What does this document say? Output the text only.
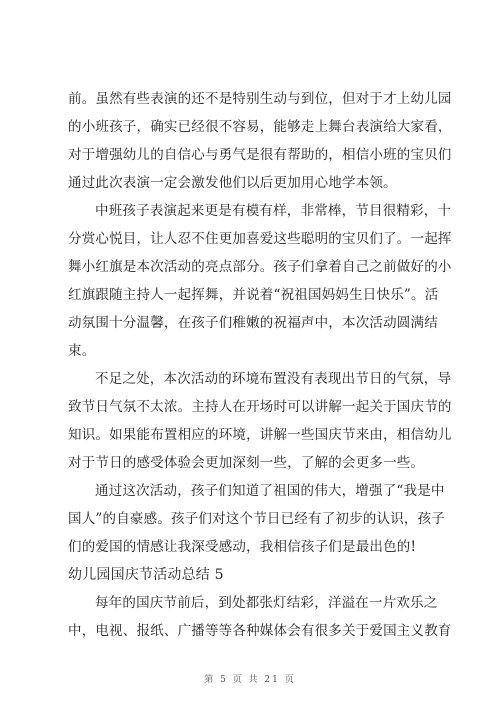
前。虽然有些表演的还不是特别生动与到位，但对于才上幼儿园
的小班孩子，确实已经很不容易，能够走上舞台表演给大家看，
对于增强幼儿的自信心与勇气是很有帮助的，相信小班的宝贝们
通过此次表演一定会激发他们以后更加用心地学本领。
中班孩子表演起来更是有模有样，非常棒，节目很精彩，十
分赏心悦目，让人忍不住更加喜爱这些聪明的宝贝们了。一起挥
舞小红旗是本次活动的亮点部分。孩子们拿着自己之前做好的小
红旗跟随主持人一起挥舞，并说着“祝祖国妈妈生日快乐”。活
动氛围十分温馨，在孩子们稚嫩的祝福声中，本次活动圆满结
束。
不足之处，本次活动的环境布置没有表现出节日的气氛，导
致节日气氛不太浓。主持人在开场时可以讲解一起关于国庆节的
知识。如果能布置相应的环境，讲解一些国庆节来由，相信幼儿
对于节日的感受体验会更加深刻一些，了解的会更多一些。
通过这次活动，孩子们知道了祖国的伟大，增强了“我是中
国人”的自豪感。孩子们对这个节日已经有了初步的认识，孩子
们的爱国的情感让我深受感动，我相信孩子们是最出色的!
幼儿园国庆节活动总结 5
每年的国庆节前后，到处都张灯结彩，洋溢在一片欢乐之
中，电视、报纸、广播等等各种媒体会有很多关于爱国主义教育
第 5 页 共 21 页
